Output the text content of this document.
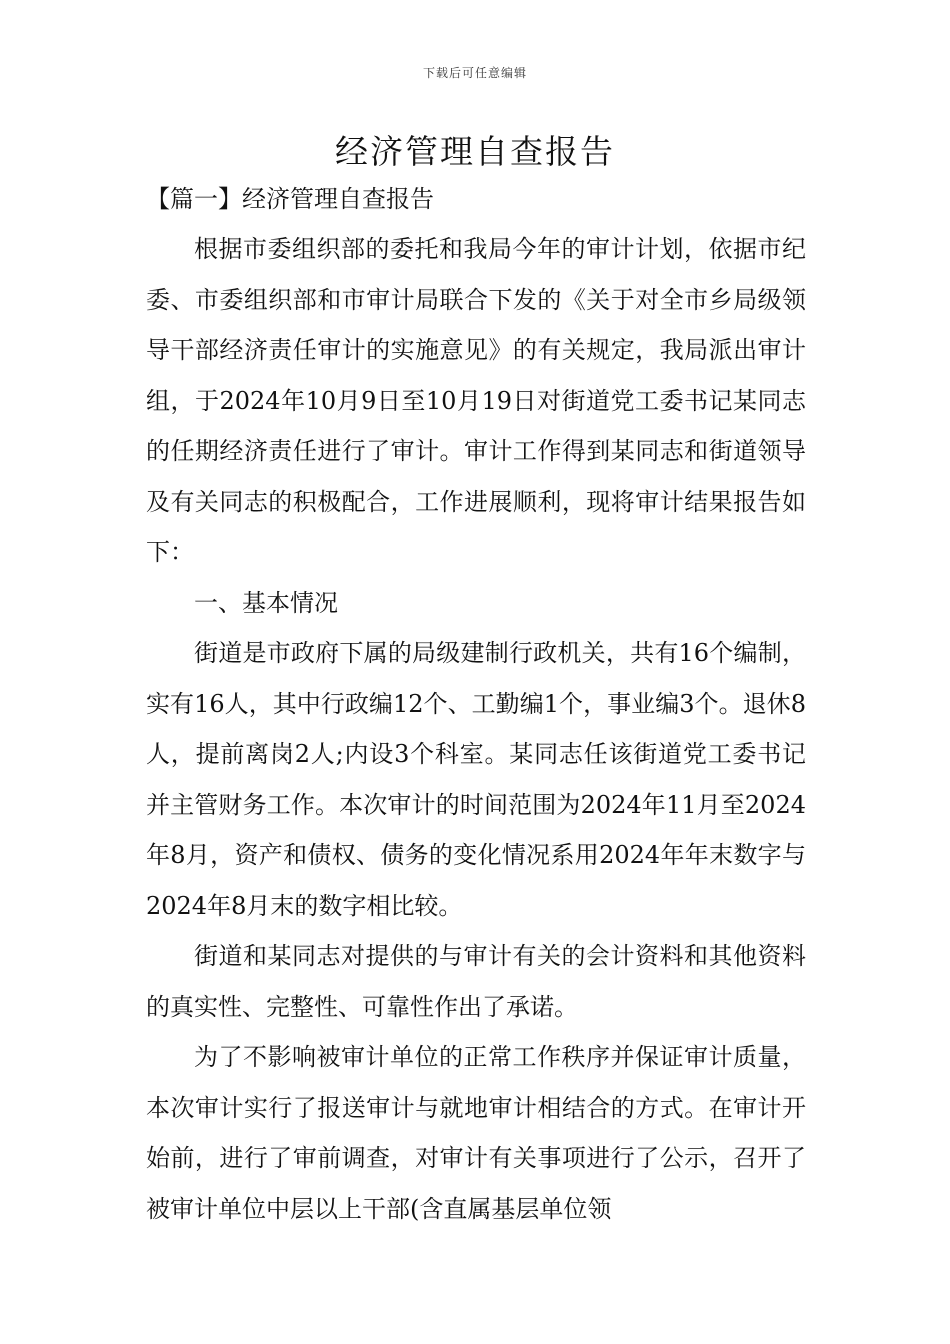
下载后可任意编辑
经济管理自查报告
【篇一】经济管理自查报告

根据市委组织部的委托和我局今年的审计计划，依据市纪委、市委组织部和市审计局联合下发的《关于对全市乡局级领导干部经济责任审计的实施意见》的有关规定，我局派出审计组，于2024年10月9日至10月19日对街道党工委书记某同志的任期经济责任进行了审计。审计工作得到某同志和街道领导及有关同志的积极配合，工作进展顺利，现将审计结果报告如下：

一、基本情况

街道是市政府下属的局级建制行政机关，共有16个编制，实有16人，其中行政编12个、工勤编1个，事业编3个。退休8人，提前离岗2人;内设3个科室。某同志任该街道党工委书记并主管财务工作。本次审计的时间范围为2024年11月至2024年8月，资产和债权、债务的变化情况系用2024年年末数字与2024年8月末的数字相比较。

街道和某同志对提供的与审计有关的会计资料和其他资料的真实性、完整性、可靠性作出了承诺。

为了不影响被审计单位的正常工作秩序并保证审计质量，本次审计实行了报送审计与就地审计相结合的方式。在审计开始前，进行了审前调查，对审计有关事项进行了公示，召开了被审计单位中层以上干部(含直属基层单位领
